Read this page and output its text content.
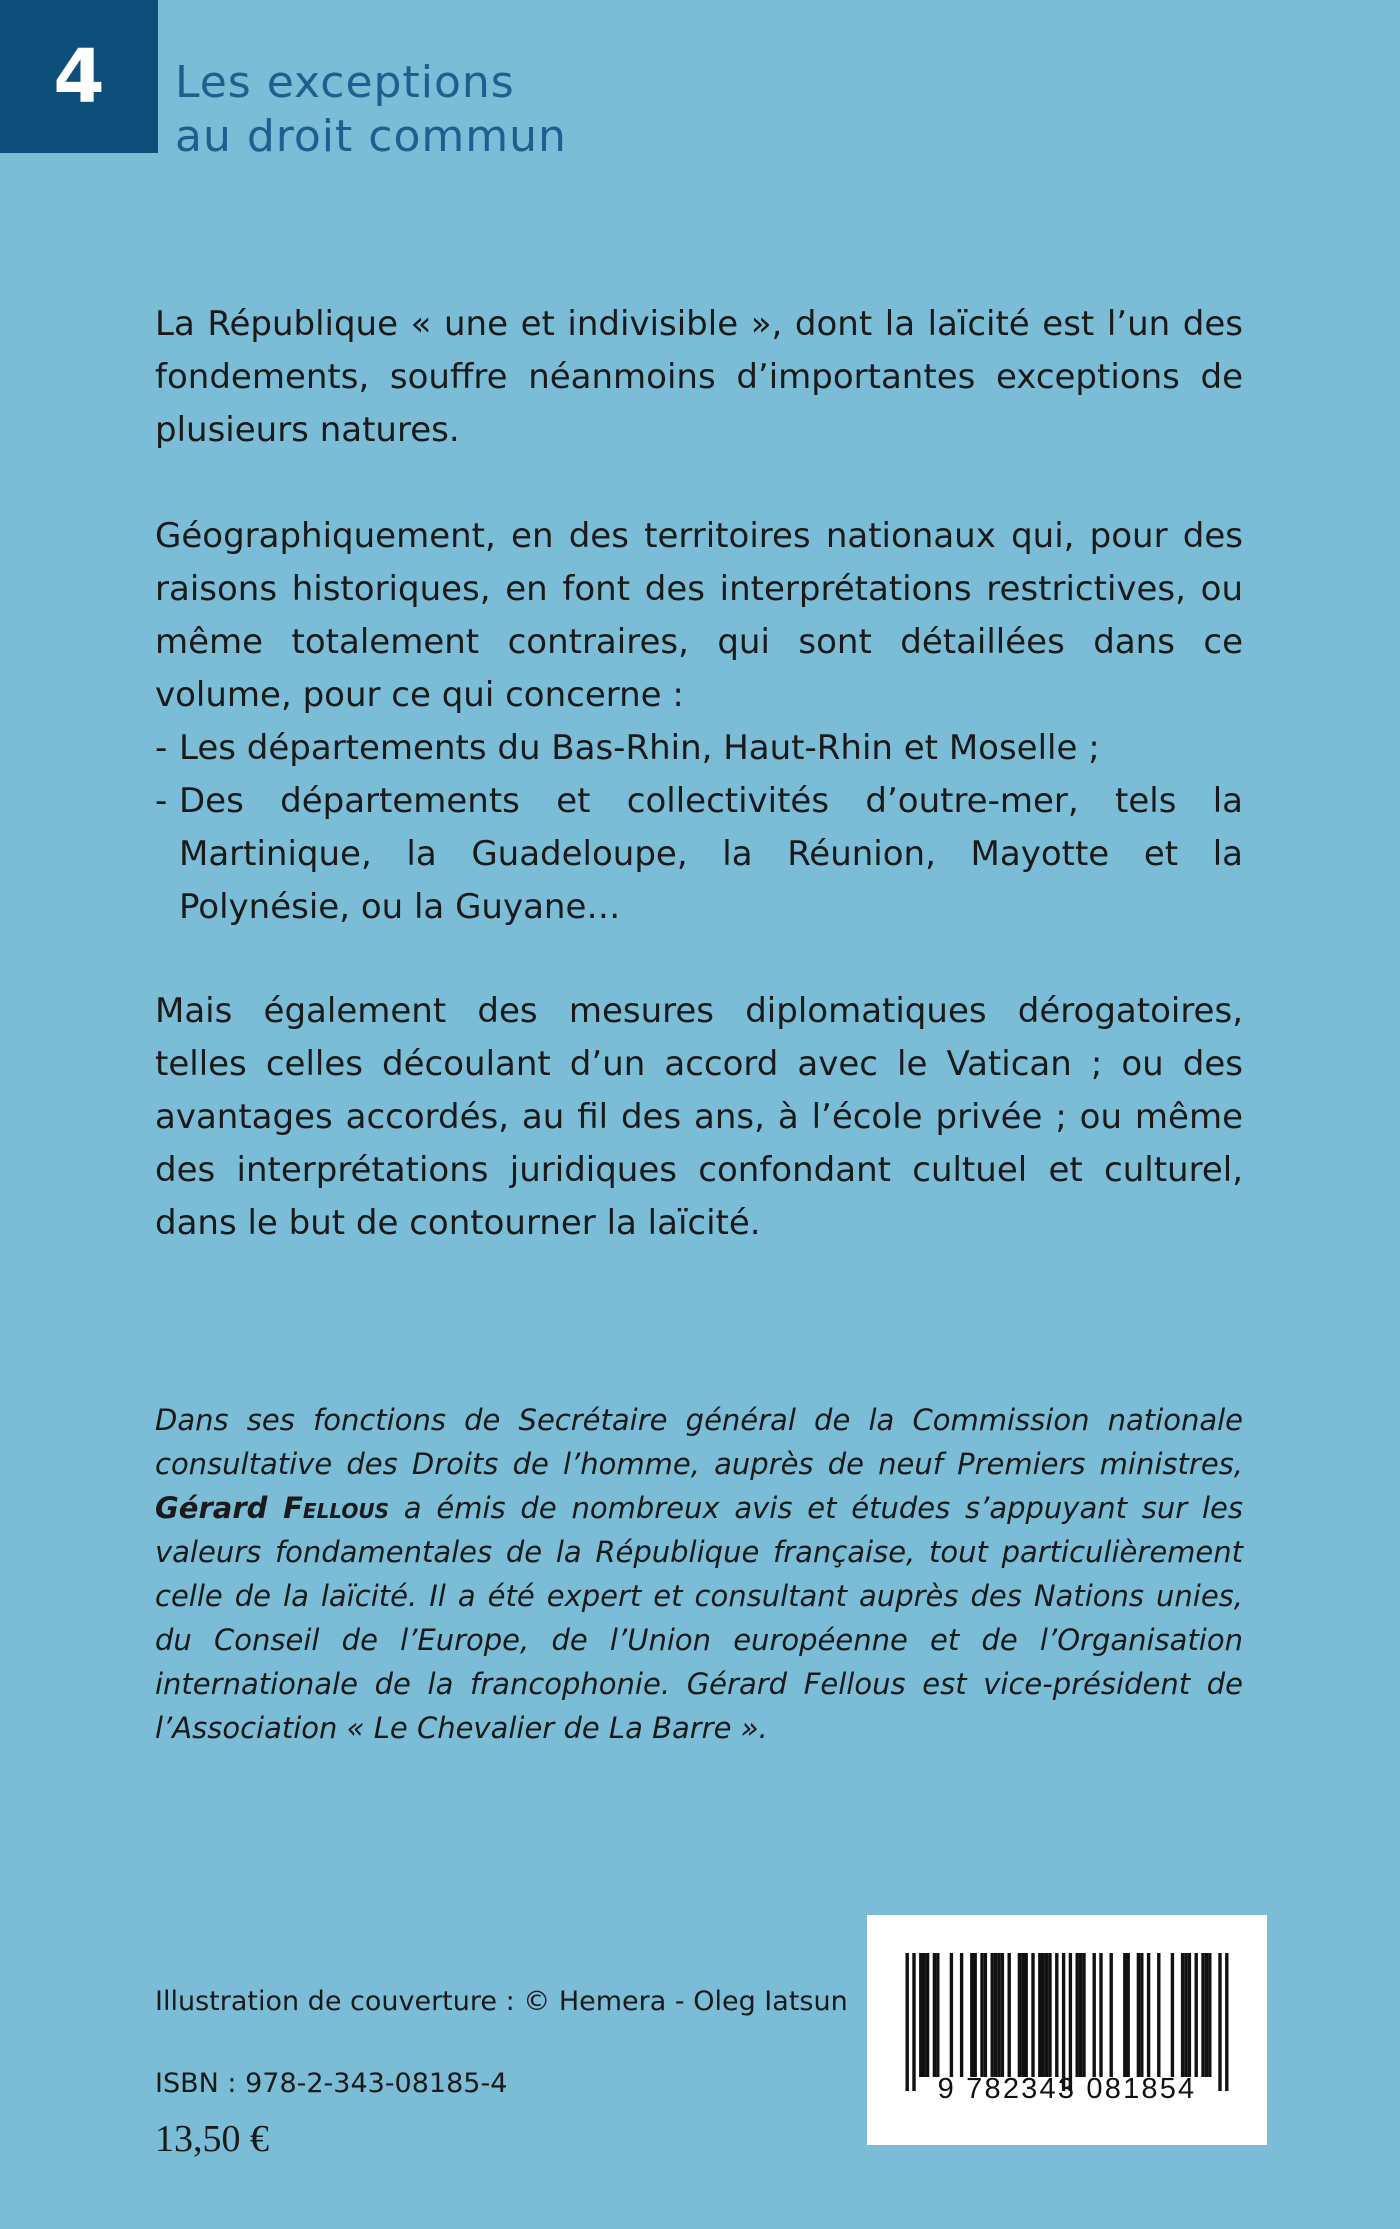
4 Les exceptions
au droit commun

La République « une et indivisible », dont la laïcité est l’un des fondements, souffre néanmoins d’importantes exceptions de plusieurs natures.

Géographiquement, en des territoires nationaux qui, pour des raisons historiques, en font des interprétations restrictives, ou même totalement contraires, qui sont détaillées dans ce volume, pour ce qui concerne :

- Les départements du Bas-Rhin, Haut-Rhin et Moselle ;
- Des départements et collectivités d’outre-mer, tels la Martinique, la Guadeloupe, la Réunion, Mayotte et la Polynésie, ou la Guyane…

Mais également des mesures diplomatiques dérogatoires, telles celles découlant d’un accord avec le Vatican ; ou des avantages accordés, au fil des ans, à l’école privée ; ou même des interprétations juridiques confondant cultuel et culturel, dans le but de contourner la laïcité.

Dans ses fonctions de Secrétaire général de la Commission nationale consultative des Droits de l’homme, auprès de neuf Premiers ministres, Gérard Fellous a émis de nombreux avis et études s’appuyant sur les valeurs fondamentales de la République française, tout particulièrement celle de la laïcité. Il a été expert et consultant auprès des Nations unies, du Conseil de l’Europe, de l’Union européenne et de l’Organisation internationale de la francophonie. Gérard Fellous est vice-président de l’Association « Le Chevalier de La Barre ».
Illustration de couverture : © Hemera - Oleg Iatsun
ISBN : 978-2-343-08185-4
13,50 €
9 782343 081854
